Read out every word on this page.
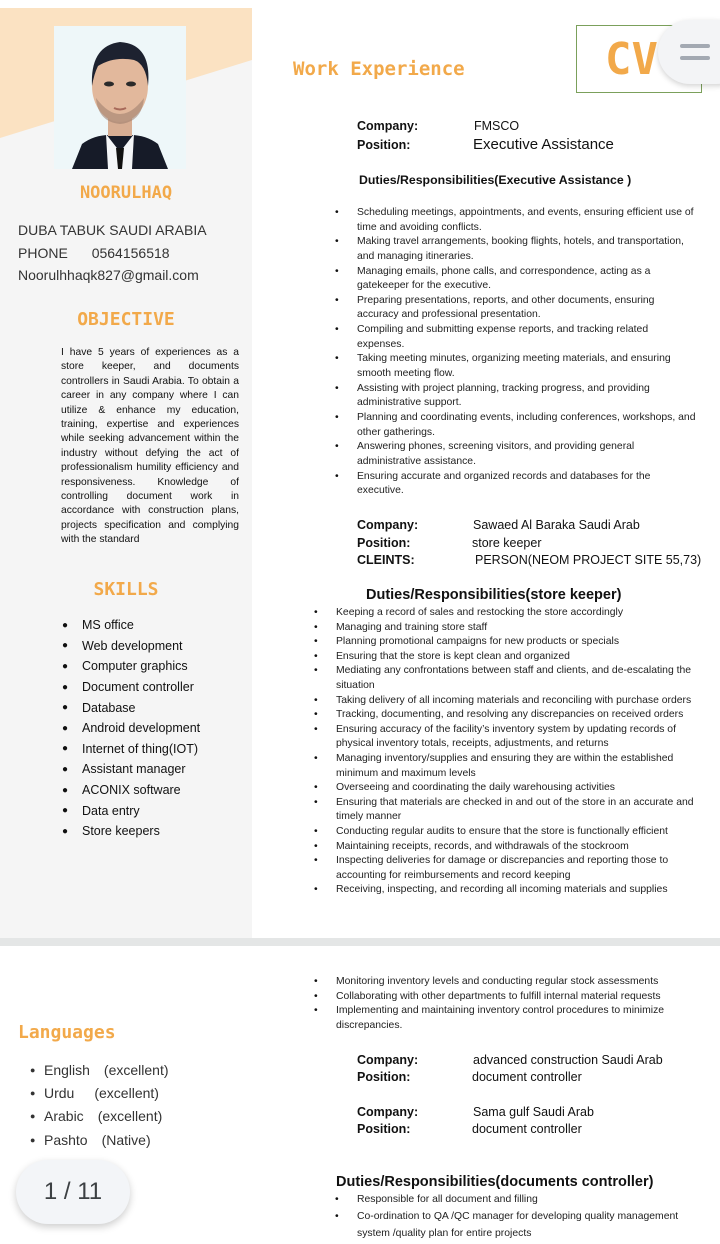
NOORULHAQ
DUBA TABUK SAUDI ARABIA
PHONE 0564156518
Noorulhhaqk827@gmail.com
OBJECTIVE
I have 5 years of experiences as a store keeper, and documents controllers in Saudi Arabia. To obtain a career in any company where I can utilize & enhance my education, training, expertise and experiences while seeking advancement within the industry without defying the act of professionalism humility efficiency and responsiveness. Knowledge of controlling document work in accordance with construction plans, projects specification and complying with the standard
SKILLS
●	MS office
●	Web development
●	Computer graphics
●	Document controller
●	Database
●	Android development
●	Internet of thing(IOT)
●	Assistant manager
●	ACONIX software
●	Data entry
●	Store keepers
CV
Work Experience
Company:	FMSCO
Position:	Executive Assistance
Duties/Responsibilities(Executive Assistance )
• Scheduling meetings, appointments, and events, ensuring efficient use of time and avoiding conflicts.
• Making travel arrangements, booking flights, hotels, and transportation, and managing itineraries.
• Managing emails, phone calls, and correspondence, acting as a gatekeeper for the executive.
• Preparing presentations, reports, and other documents, ensuring accuracy and professional presentation.
• Compiling and submitting expense reports, and tracking related expenses.
• Taking meeting minutes, organizing meeting materials, and ensuring smooth meeting flow.
• Assisting with project planning, tracking progress, and providing administrative support.
• Planning and coordinating events, including conferences, workshops, and other gatherings.
• Answering phones, screening visitors, and providing general administrative assistance.
• Ensuring accurate and organized records and databases for the executive.
Company:	Sawaed Al Baraka Saudi Arab
Position:	store keeper
CLEINTS:	PERSON(NEOM PROJECT SITE 55,73)
Duties/Responsibilities(store keeper)
• Keeping a record of sales and restocking the store accordingly
• Managing and training store staff
• Planning promotional campaigns for new products or specials
• Ensuring that the store is kept clean and organized
• Mediating any confrontations between staff and clients, and de-escalating the situation
• Taking delivery of all incoming materials and reconciling with purchase orders
• Tracking, documenting, and resolving any discrepancies on received orders
• Ensuring accuracy of the facility’s inventory system by updating records of physical inventory totals, receipts, adjustments, and returns
• Managing inventory/supplies and ensuring they are within the established minimum and maximum levels
• Overseeing and coordinating the daily warehousing activities
• Ensuring that materials are checked in and out of the store in an accurate and timely manner
• Conducting regular audits to ensure that the store is functionally efficient
• Maintaining receipts, records, and withdrawals of the stockroom
• Inspecting deliveries for damage or discrepancies and reporting those to accounting for reimbursements and record keeping
• Receiving, inspecting, and recording all incoming materials and supplies
Languages
● English (excellent)
● Urdu (excellent)
● Arabic (excellent)
● Pashto (Native)
• Monitoring inventory levels and conducting regular stock assessments
• Collaborating with other departments to fulfill internal material requests
• Implementing and maintaining inventory control procedures to minimize discrepancies.
Company:	advanced construction Saudi Arab
Position:	document controller
Company:	Sama gulf Saudi Arab
Position:	document controller
Duties/Responsibilities(documents controller)
• Responsible for all document and filling
• Co-ordination to QA /QC manager for developing quality management system /quality plan for entire projects
1 / 11
